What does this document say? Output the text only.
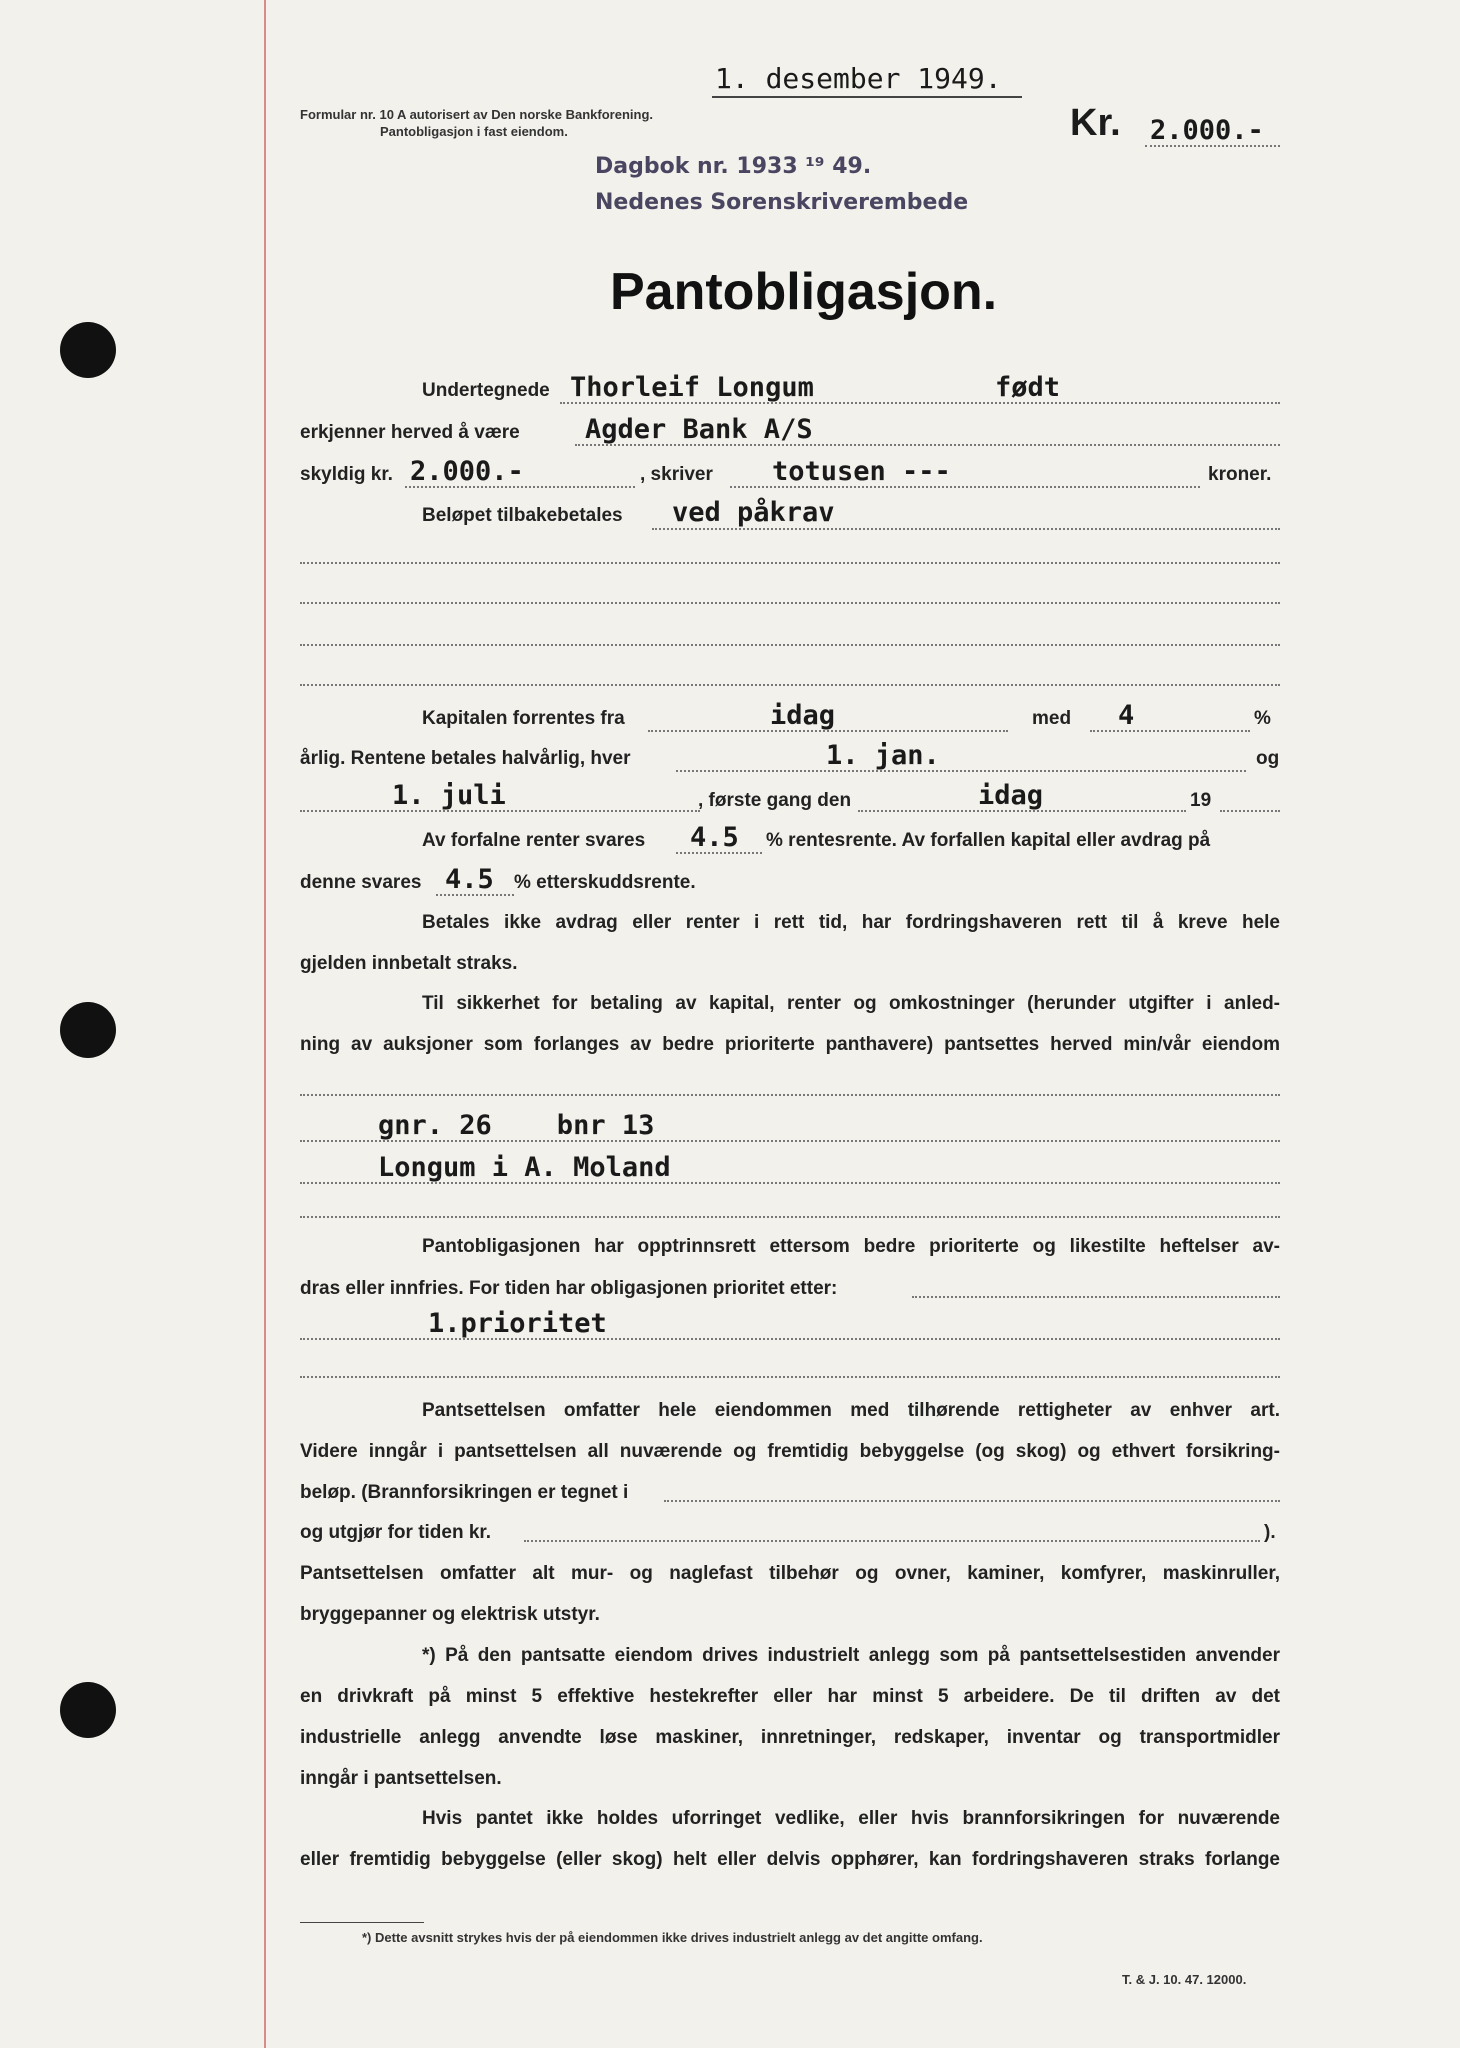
1. desember 1949.
Formular nr. 10 A autorisert av Den norske Bankforening.
Pantobligasjon i fast eiendom.	Kr. 2.000.-
Dagbok nr. 1933 ¹⁹ 49.
Nedenes Sorenskriverembede
Pantobligasjon.
Undertegnede Thorleif Longum	født
erkjenner herved å være Agder Bank A/S
skyldig kr. 2.000.-	, skriver totusen ---	kroner.
Beløpet tilbakebetales ved påkrav
Kapitalen forrentes fra	idag	med 4	%
årlig. Rentene betales halvårlig, hver	1. jan.	og
1. juli	, første gang den	idag	19
Av forfalne renter svares 4.5 % rentesrente. Av forfallen kapital eller avdrag på
denne svares 4.5 % etterskuddsrente.
Betales ikke avdrag eller renter i rett tid, har fordringshaveren rett til å kreve hele
gjelden innbetalt straks.
Til sikkerhet for betaling av kapital, renter og omkostninger (herunder utgifter i anled-
ning av auksjoner som forlanges av bedre prioriterte panthavere) pantsettes herved min/vår eiendom
gnr. 26    bnr 13
Longum i A. Moland
Pantobligasjonen har opptrinnsrett ettersom bedre prioriterte og likestilte heftelser av-
dras eller innfries. For tiden har obligasjonen prioritet etter:
1.prioritet
Pantsettelsen omfatter hele eiendommen med tilhørende rettigheter av enhver art.
Videre inngår i pantsettelsen all nuværende og fremtidig bebyggelse (og skog) og ethvert forsikring-
beløp. (Brannforsikringen er tegnet i
og utgjør for tiden kr.	).
Pantsettelsen omfatter alt mur- og naglefast tilbehør og ovner, kaminer, komfyrer, maskinruller,
bryggepanner og elektrisk utstyr.
*) På den pantsatte eiendom drives industrielt anlegg som på pantsettelsestiden anvender
en drivkraft på minst 5 effektive hestekrefter eller har minst 5 arbeidere. De til driften av det
industrielle anlegg anvendte løse maskiner, innretninger, redskaper, inventar og transportmidler
inngår i pantsettelsen.
Hvis pantet ikke holdes uforringet vedlike, eller hvis brannforsikringen for nuværende
eller fremtidig bebyggelse (eller skog) helt eller delvis opphører, kan fordringshaveren straks forlange
*) Dette avsnitt strykes hvis der på eiendommen ikke drives industrielt anlegg av det angitte omfang.
T. & J. 10. 47. 12000.
